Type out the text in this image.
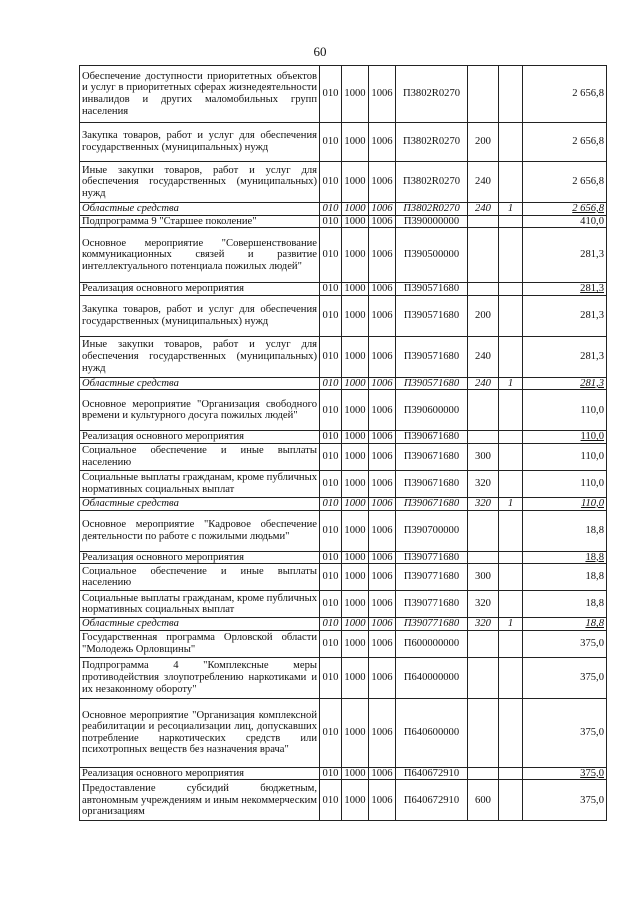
60
Обеспечение доступности приоритетных объектов и услуг в приоритетных сферах жизнедеятельности инвалидов и других маломобильных групп населения	010	1000	1006	П3802R0270			2 656,8
Закупка товаров, работ и услуг для обеспечения государственных (муниципальных) нужд	010	1000	1006	П3802R0270	200		2 656,8
Иные закупки товаров, работ и услуг для обеспечения государственных (муниципальных) нужд	010	1000	1006	П3802R0270	240		2 656,8
Областные средства	010	1000	1006	П3802R0270	240	1	2 656,8
Подпрограмма 9 "Старшее поколение"	010	1000	1006	П390000000			410,0
Основное мероприятие "Совершенствование коммуникационных связей и развитие интеллектуального потенциала пожилых людей"	010	1000	1006	П390500000			281,3
Реализация основного мероприятия	010	1000	1006	П390571680			281,3
Закупка товаров, работ и услуг для обеспечения государственных (муниципальных) нужд	010	1000	1006	П390571680	200		281,3
Иные закупки товаров, работ и услуг для обеспечения государственных (муниципальных) нужд	010	1000	1006	П390571680	240		281,3
Областные средства	010	1000	1006	П390571680	240	1	281,3
Основное мероприятие "Организация свободного времени и культурного досуга пожилых людей"	010	1000	1006	П390600000			110,0
Реализация основного мероприятия	010	1000	1006	П390671680			110,0
Социальное обеспечение и иные выплаты населению	010	1000	1006	П390671680	300		110,0
Социальные выплаты гражданам, кроме публичных нормативных социальных выплат	010	1000	1006	П390671680	320		110,0
Областные средства	010	1000	1006	П390671680	320	1	110,0
Основное мероприятие "Кадровое обеспечение деятельности по работе с пожилыми людьми"	010	1000	1006	П390700000			18,8
Реализация основного мероприятия	010	1000	1006	П390771680			18,8
Социальное обеспечение и иные выплаты населению	010	1000	1006	П390771680	300		18,8
Социальные выплаты гражданам, кроме публичных нормативных социальных выплат	010	1000	1006	П390771680	320		18,8
Областные средства	010	1000	1006	П390771680	320	1	18,8
Государственная программа Орловской области "Молодежь Орловщины"	010	1000	1006	П600000000			375,0
Подпрограмма 4 "Комплексные меры противодействия злоупотреблению наркотиками и их незаконному обороту"	010	1000	1006	П640000000			375,0
Основное мероприятие "Организация комплексной реабилитации и ресоциализации лиц, допускавших потребление наркотических средств или психотропных веществ без назначения врача"	010	1000	1006	П640600000			375,0
Реализация основного мероприятия	010	1000	1006	П640672910			375,0
Предоставление субсидий бюджетным, автономным учреждениям и иным некоммерческим организациям	010	1000	1006	П640672910	600		375,0
